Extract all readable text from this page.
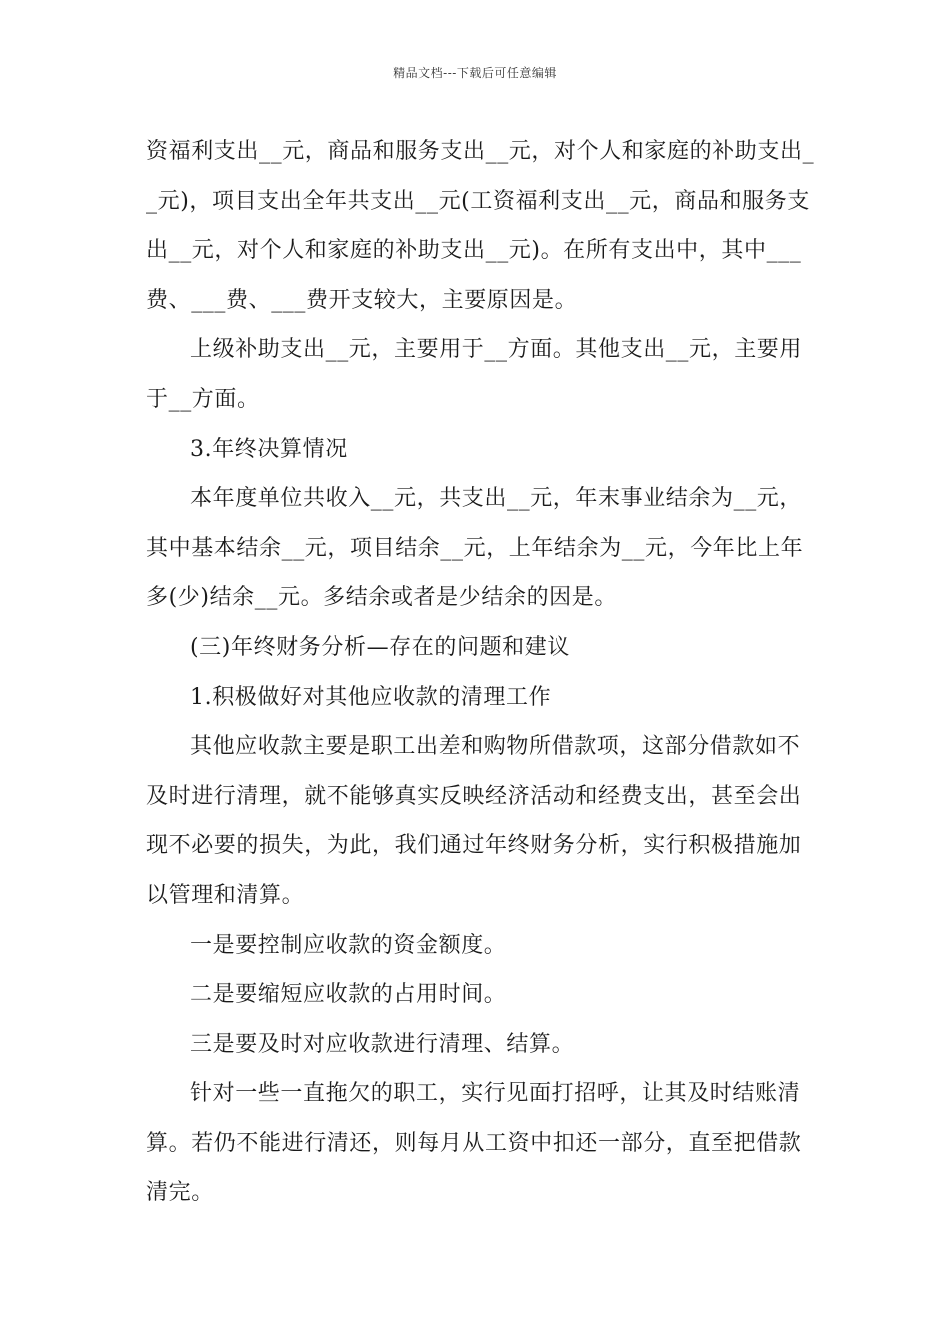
精品文档---下载后可任意编辑
资福利支出__元，商品和服务支出__元，对个人和家庭的补助支出_
_元)，项目支出全年共支出__元(工资福利支出__元，商品和服务支
出__元，对个人和家庭的补助支出__元)。在所有支出中，其中___
费、___费、___费开支较大，主要原因是。
上级补助支出__元，主要用于__方面。其他支出__元，主要用
于__方面。
3.年终决算情况
本年度单位共收入__元，共支出__元，年末事业结余为__元，
其中基本结余__元，项目结余__元，上年结余为__元，今年比上年
多(少)结余__元。多结余或者是少结余的因是。
(三)年终财务分析—存在的问题和建议
1.积极做好对其他应收款的清理工作
其他应收款主要是职工出差和购物所借款项，这部分借款如不
及时进行清理，就不能够真实反映经济活动和经费支出，甚至会出
现不必要的损失，为此，我们通过年终财务分析，实行积极措施加
以管理和清算。
一是要控制应收款的资金额度。
二是要缩短应收款的占用时间。
三是要及时对应收款进行清理、结算。
针对一些一直拖欠的职工，实行见面打招呼，让其及时结账清
算。若仍不能进行清还，则每月从工资中扣还一部分，直至把借款
清完。
